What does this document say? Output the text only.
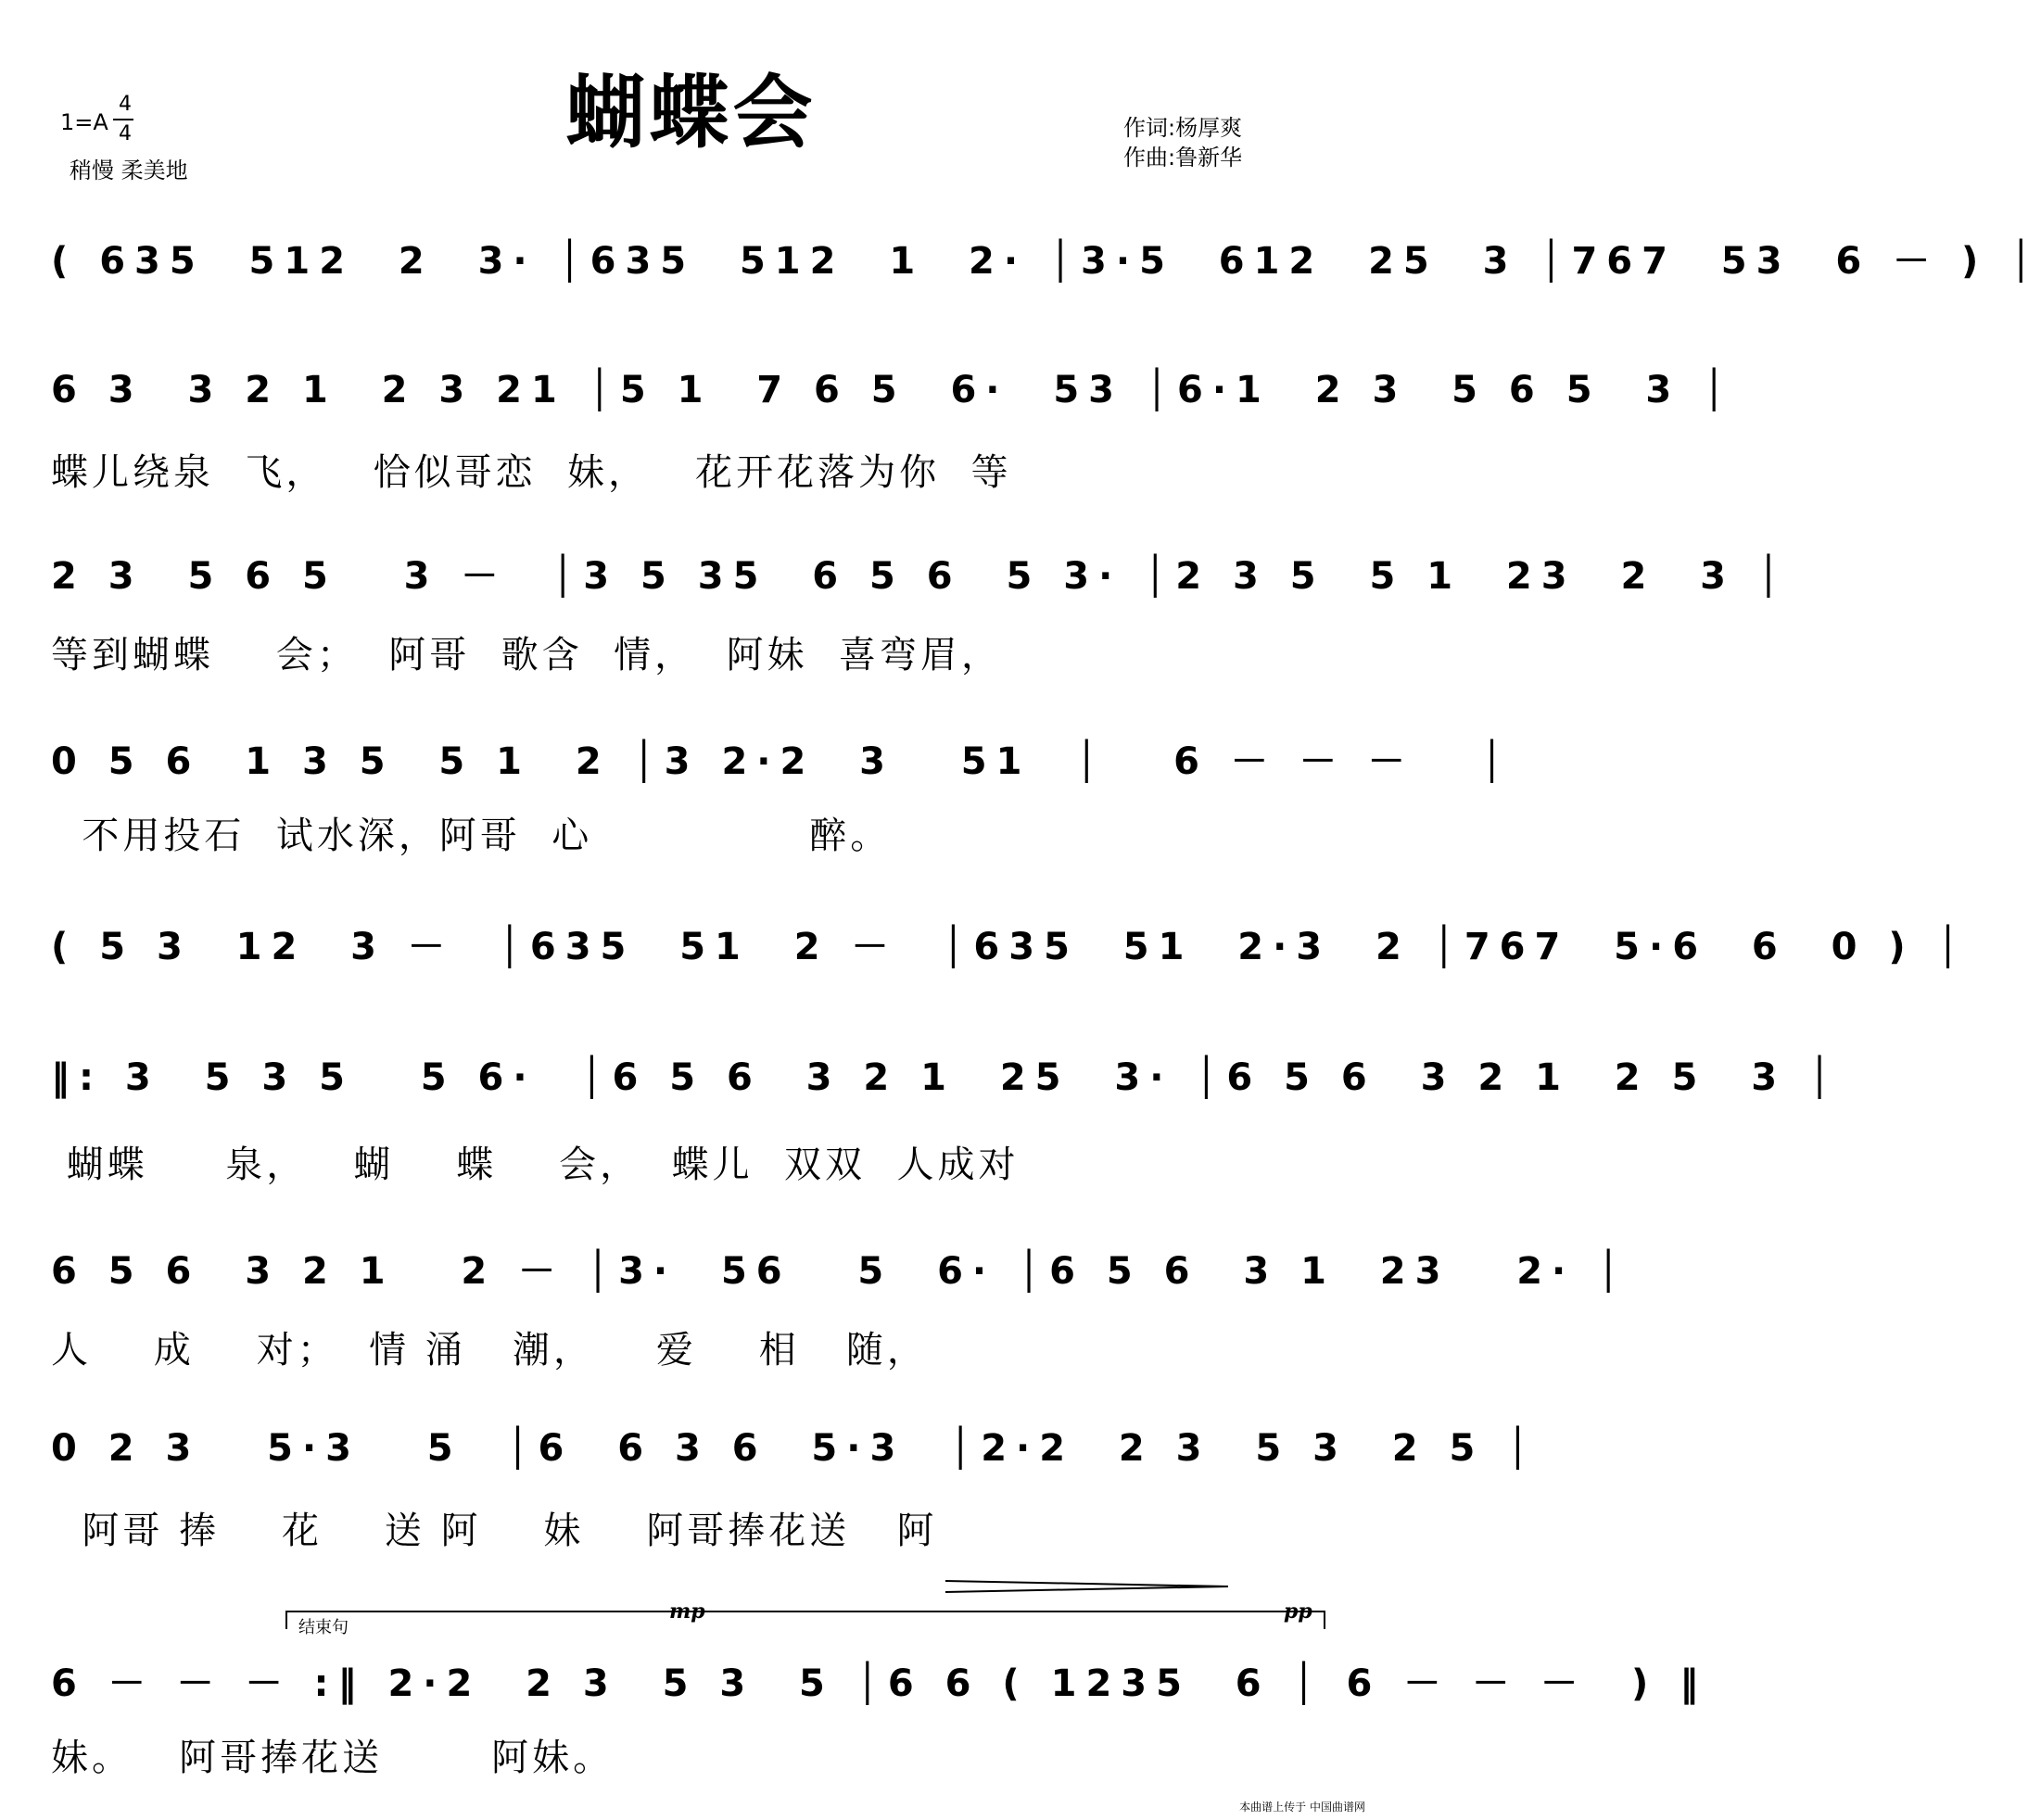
蝴蝶会
1=A
4
4
稍慢 柔美地
作词:杨厚爽
作曲:鲁新华
( 635  512  2  3· │635  512  1  2· │3·5  612  25  3 │767  53  6 － ) │
6 3  3 2 1  2 3 21 │5 1  7 6 5  6·  53 │6·1  2 3  5 6 5  3 │
蝶儿绕泉  飞，   恰似哥恋  妹，   花开花落为你  等
2 3  5 6 5   3 －  │3 5 35  6 5 6  5 3· │2 3 5  5 1  23  2  3 │
等到蝴蝶    会；  阿哥  歌含  情，  阿妹  喜弯眉，
0 5 6  1 3 5  5 1  2 │3 2·2  3   51  │   6 － － －   │
不用投石  试水深，阿哥  心              醉。
( 5 3  12  3 －  │635  51  2 －  │635  51  2·3  2 │767  5·6  6  0 ) │
‖: 3  5 3 5   5 6·  │6 5 6  3 2 1  25  3· │6 5 6  3 2 1  2 5  3 │
蝴蝶     泉，   蝴    蝶    会，  蝶儿  双双  人成对
6 5 6  3 2 1   2 － │3·  56   5  6· │6 5 6  3 1  23   2· │
人    成    对；  情 涌   潮，    爱    相   随，
0 2 3   5·3   5  │6  6 3 6  5·3  │2·2  2 3  5 3  2 5 │
阿哥 捧    花    送 阿    妹    阿哥捧花送   阿
结束句
mp	pp
6 － － － :‖ 2·2  2 3  5 3  5 │6 6 ( 1235  6 │ 6 － － －  ) ‖
妹。   阿哥捧花送       阿妹。
本曲谱上传于 中国曲谱网
